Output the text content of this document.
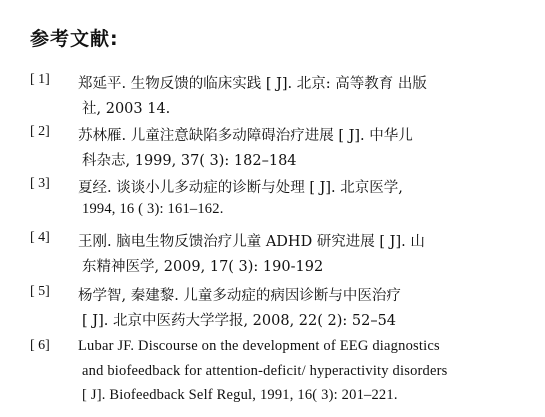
参考文献:
[ 1] 郑延平. 生物反馈的临床实践 [ J]. 北京: 高等教育 出版
社, 2003 14.
[ 2] 苏林雁. 儿童注意缺陷多动障碍治疗进展 [ J]. 中华儿
科杂志, 1999, 37( 3): 182–184
[ 3] 夏经. 谈谈小儿多动症的诊断与处理 [ J]. 北京医学,
1994, 16 ( 3): 161–162.
[ 4] 王刚. 脑电生物反馈治疗儿童 ADHD 研究进展 [ J]. 山
东精神医学, 2009, 17( 3): 190-192
[ 5] 杨学智, 秦建黎. 儿童多动症的病因诊断与中医治疗
[ J]. 北京中医药大学学报, 2008, 22( 2): 52–54
[ 6] Lubar JF. Discourse on the development of EEG diagnostics
and biofeedback for attention-deficit/ hyperactivity disorders
[ J]. Biofeedback Self Regul, 1991, 16( 3): 201–221.
